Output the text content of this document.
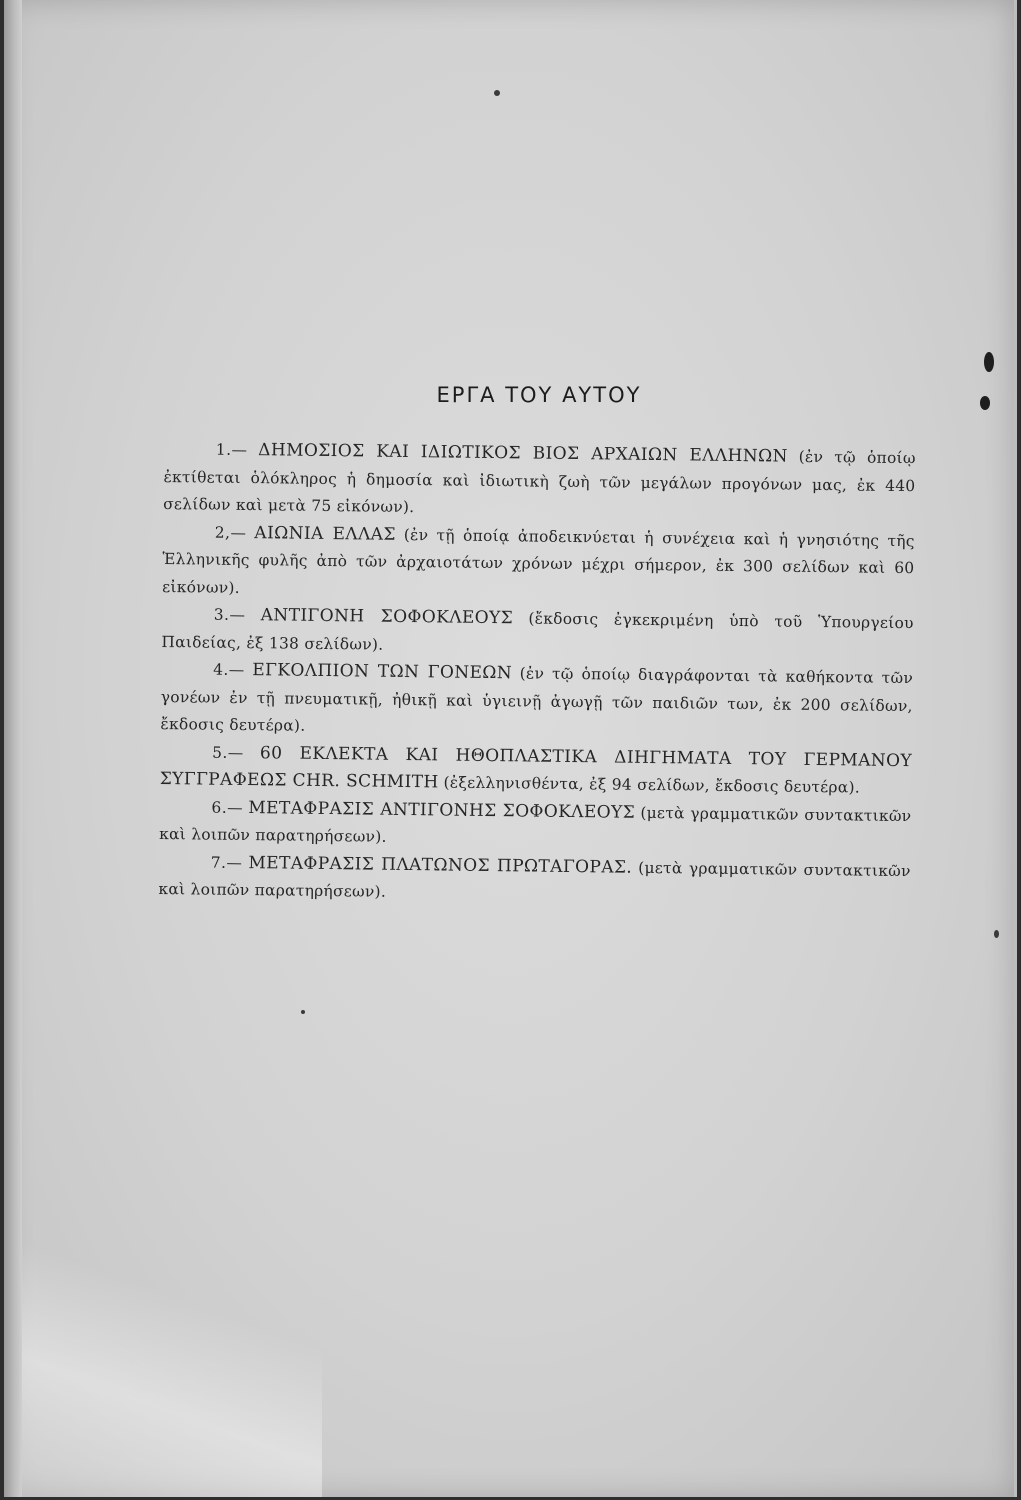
ΕΡΓΑ ΤΟΥ ΑΥΤΟΥ

1.— ΔΗΜΟΣΙΟΣ ΚΑΙ ΙΔΙΩΤΙΚΟΣ ΒΙΟΣ ΑΡΧΑΙΩΝ ΕΛΛΗΝΩΝ (ἐν τῷ ὁποίῳ ἐκτίθεται ὁλόκληρος ἡ δημοσία καὶ ἰδιωτικὴ ζωὴ τῶν μεγάλων προγόνων μας, ἐκ 440 σελίδων καὶ μετὰ 75 εἰκόνων).

2,— ΑΙΩΝΙΑ ΕΛΛΑΣ (ἐν τῇ ὁποίᾳ ἀποδεικνύεται ἡ συνέχεια καὶ ἡ γνησιότης τῆς Ἑλληνικῆς φυλῆς ἀπὸ τῶν ἀρχαιοτάτων χρόνων μέχρι σήμερον, ἐκ 300 σελίδων καὶ 60 εἰκόνων).

3.— ΑΝΤΙΓΟΝΗ ΣΟΦΟΚΛΕΟΥΣ (ἔκδοσις ἐγκεκριμένη ὑπὸ τοῦ Ὑπουργείου Παιδείας, ἐξ 138 σελίδων).

4.— ΕΓΚΟΛΠΙΟΝ ΤΩΝ ΓΟΝΕΩΝ (ἐν τῷ ὁποίῳ διαγράφονται τὰ καθήκοντα τῶν γονέων ἐν τῇ πνευματικῇ, ἠθικῇ καὶ ὑγιεινῇ ἀγωγῇ τῶν παιδιῶν των, ἐκ 200 σελίδων, ἔκδοσις δευτέρα).

5.— 60 ΕΚΛΕΚΤΑ ΚΑΙ ΗΘΟΠΛΑΣΤΙΚΑ ΔΙΗΓΗΜΑΤΑ ΤΟΥ ΓΕΡΜΑΝΟΥ ΣΥΓΓΡΑΦΕΩΣ CHR. SCHMITH (ἐξελληνισθέντα, ἐξ 94 σελίδων, ἔκδοσις δευτέρα).

6.— ΜΕΤΑΦΡΑΣΙΣ ΑΝΤΙΓΟΝΗΣ ΣΟΦΟΚΛΕΟΥΣ (μετὰ γραμματικῶν συντακτικῶν καὶ λοιπῶν παρατηρήσεων).

7.— ΜΕΤΑΦΡΑΣΙΣ ΠΛΑΤΩΝΟΣ ΠΡΩΤΑΓΟΡΑΣ. (μετὰ γραμματικῶν συντακτικῶν καὶ λοιπῶν παρατηρήσεων).
